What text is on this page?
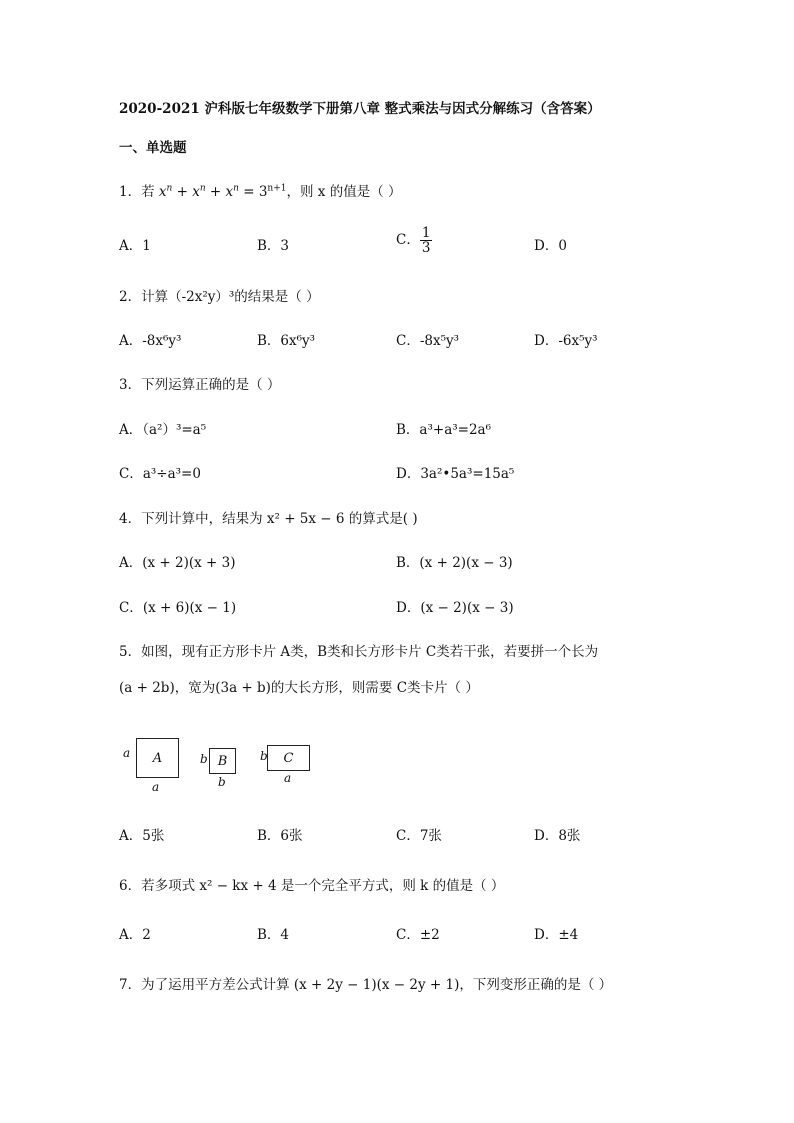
2020-2021 沪科版七年级数学下册第八章 整式乘法与因式分解练习（含答案）
一、单选题
1．若 $x^n + x^n + x^n = 3^{n+1}$，则 x 的值是（ ）
A．1	B．3	C． $\frac{1}{3}$	D．0
2．计算（-2x²y）³的结果是（ ）
A．-8x⁶y³	B．6x⁶y³	C．-8x⁵y³	D．-6x⁵y³
3．下列运算正确的是（ ）
A．（a²）³=a⁵	B．a³+a³=2a⁶
C．a³÷a³=0	D．3a²•5a³=15a⁵
4．下列计算中，结果为 x² + 5x − 6 的算式是( )
A．(x + 2)(x + 3)	B．(x + 2)(x − 3)
C．(x + 6)(x − 1)	D．(x − 2)(x − 3)
5．如图，现有正方形卡片 A类，B类和长方形卡片 C类若干张，若要拼一个长为
(a + 2b)，宽为(3a + b)的大长方形，则需要 C类卡片（ ）
a	A
a
b B
b
b	C
a
A．5张	B．6张	C．7张	D．8张
6．若多项式 x² − kx + 4 是一个完全平方式，则 k 的值是（ ）
A．2	B．4	C．±2	D．±4
7．为了运用平方差公式计算 (x + 2y − 1)(x − 2y + 1)，下列变形正确的是（ ）
